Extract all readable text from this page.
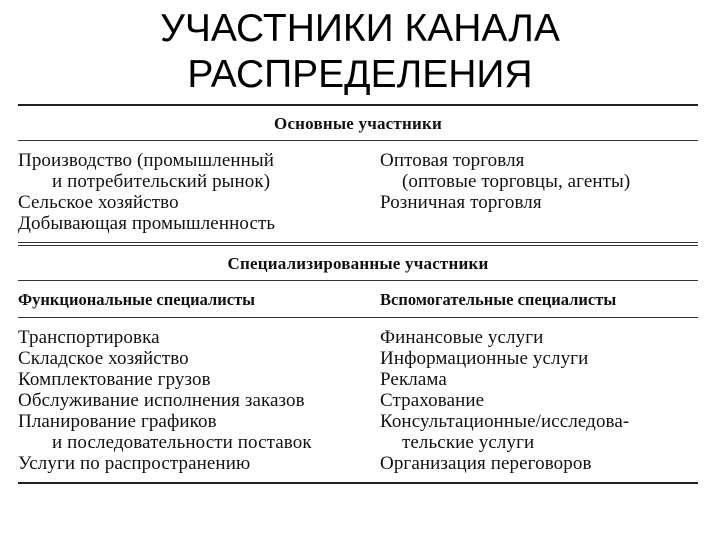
УЧАСТНИКИ КАНАЛА
РАСПРЕДЕЛЕНИЯ
Основные участники
Производство (промышленный
и потребительский рынок)
Сельское хозяйство
Добывающая промышленность
Оптовая торговля
(оптовые торговцы, агенты)
Розничная торговля
Специализированные участники
Функциональные специалисты	Вспомогательные специалисты
Транспортировка
Складское хозяйство
Комплектование грузов
Обслуживание исполнения заказов
Планирование графиков
и последовательности поставок
Услуги по распространению
Финансовые услуги
Информационные услуги
Реклама
Страхование
Консультационные/исследова-
тельские услуги
Организация переговоров
